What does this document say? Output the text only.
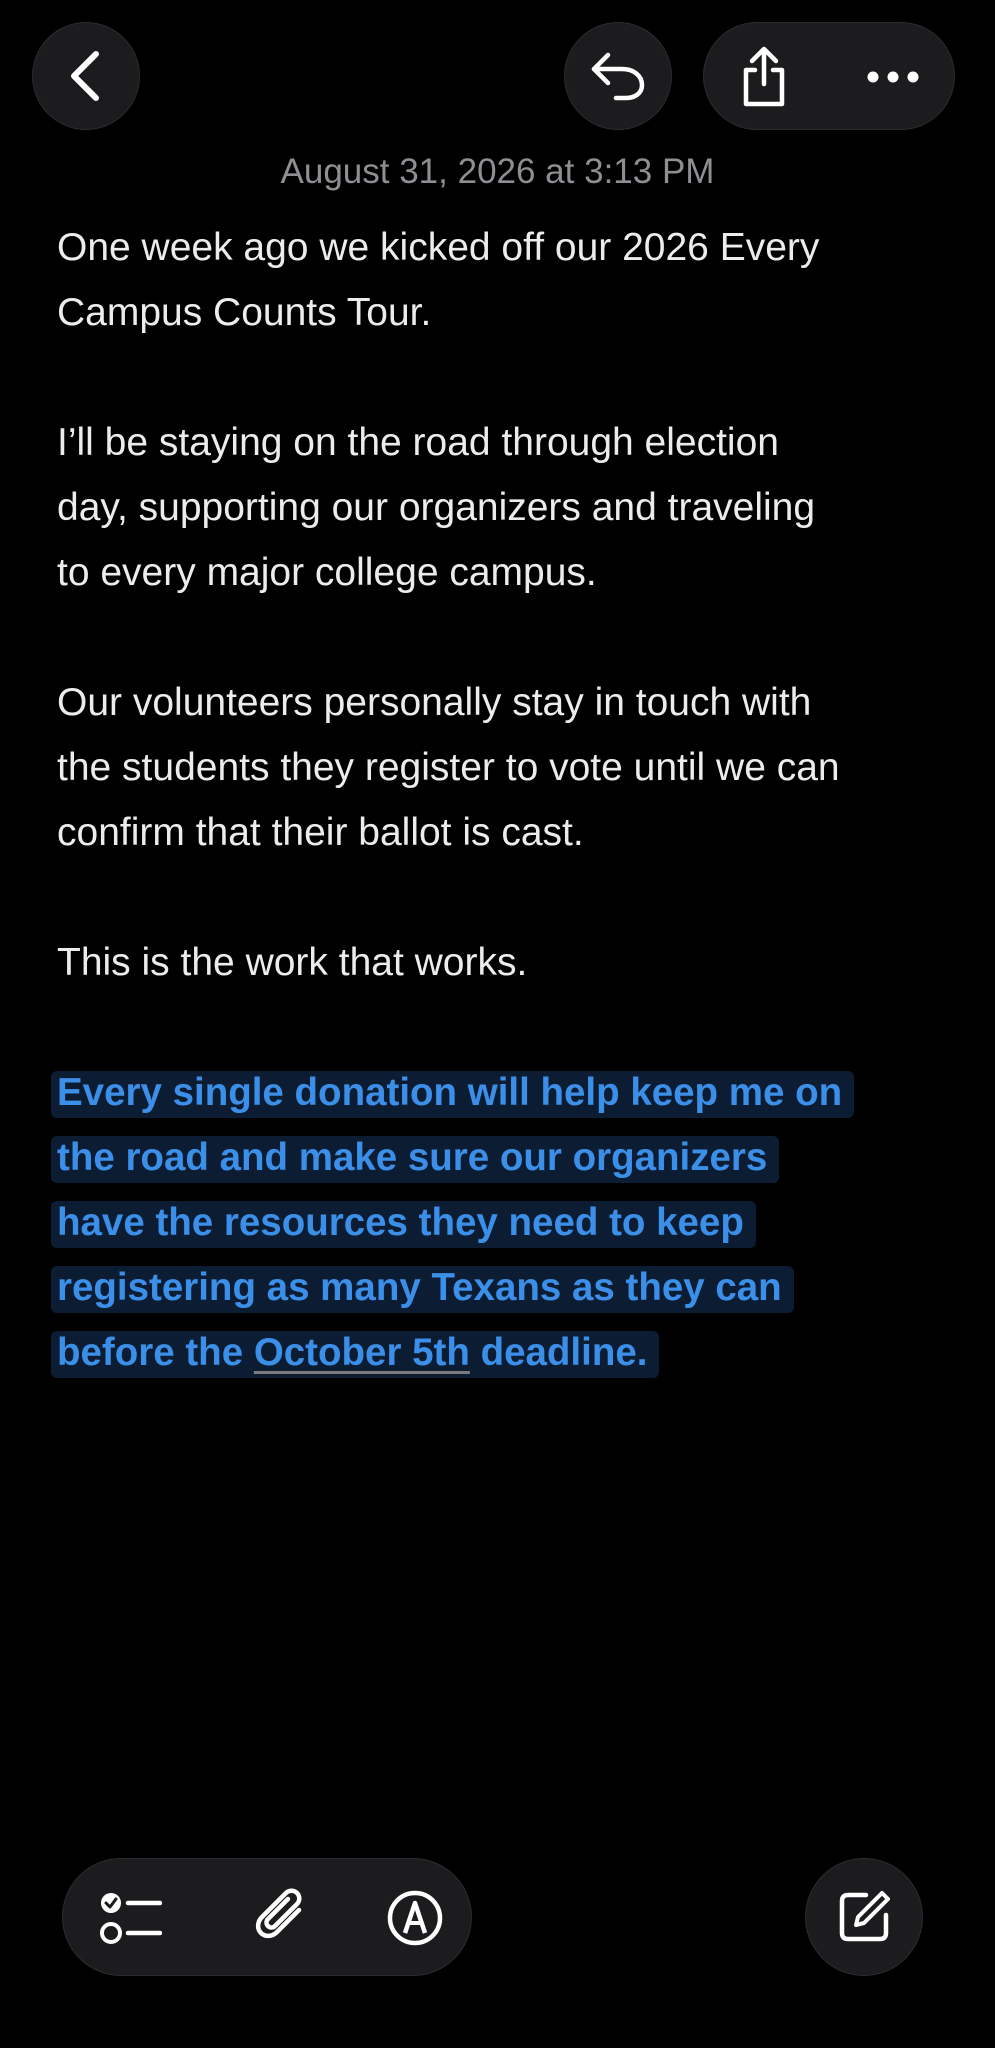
August 31, 2026 at 3:13 PM

One week ago we kicked off our 2026 Every
Campus Counts Tour.

I’ll be staying on the road through election
day, supporting our organizers and traveling
to every major college campus.

Our volunteers personally stay in touch with
the students they register to vote until we can
confirm that their ballot is cast.

This is the work that works.

Every single donation will help keep me on
the road and make sure our organizers
have the resources they need to keep
registering as many Texans as they can
before the October 5th deadline.
